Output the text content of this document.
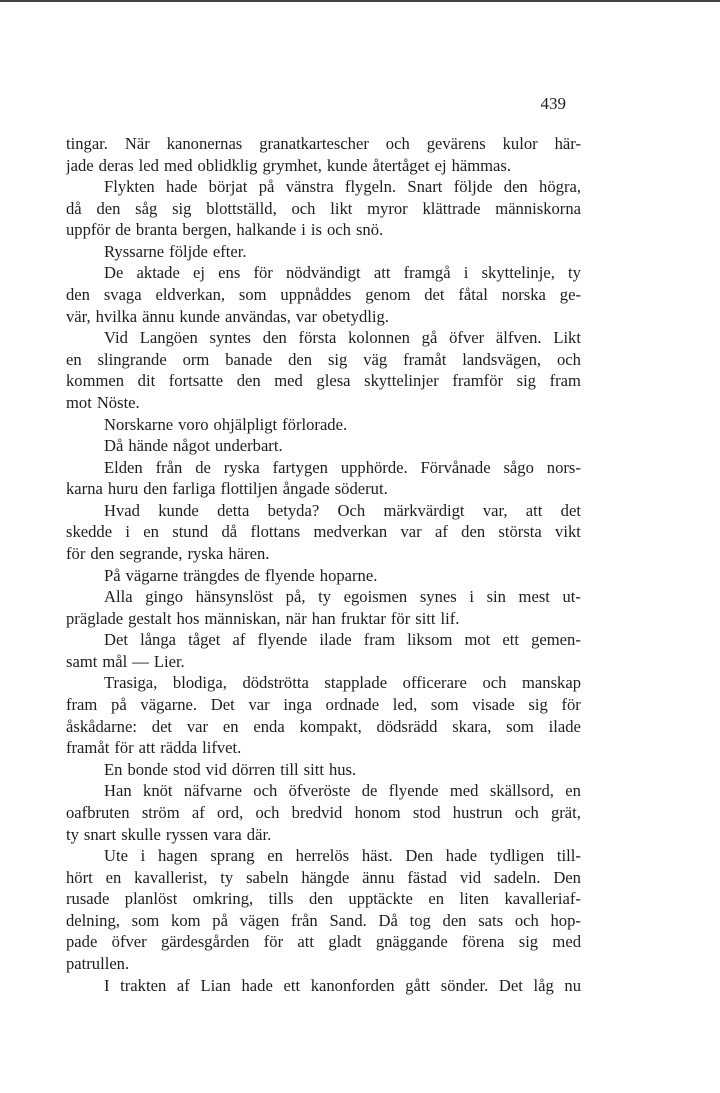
439
tingar. När kanonernas granatkartescher och gevärens kulor här-
jade deras led med oblidklig grymhet, kunde återtåget ej hämmas.
Flykten hade börjat på vänstra flygeln. Snart följde den högra,
då den såg sig blottställd, och likt myror klättrade människorna
uppför de branta bergen, halkande i is och snö.
Ryssarne följde efter.
De aktade ej ens för nödvändigt att framgå i skyttelinje, ty
den svaga eldverkan, som uppnåddes genom det fåtal norska ge-
vär, hvilka ännu kunde användas, var obetydlig.
Vid Langöen syntes den första kolonnen gå öfver älfven. Likt
en slingrande orm banade den sig väg framåt landsvägen, och
kommen dit fortsatte den med glesa skyttelinjer framför sig fram
mot Nöste.
Norskarne voro ohjälpligt förlorade.
Då hände något underbart.
Elden från de ryska fartygen upphörde. Förvånade sågo nors-
karna huru den farliga flottiljen ångade söderut.
Hvad kunde detta betyda? Och märkvärdigt var, att det
skedde i en stund då flottans medverkan var af den största vikt
för den segrande, ryska hären.
På vägarne trängdes de flyende hoparne.
Alla gingo hänsynslöst på, ty egoismen synes i sin mest ut-
präglade gestalt hos människan, när han fruktar för sitt lif.
Det långa tåget af flyende ilade fram liksom mot ett gemen-
samt mål — Lier.
Trasiga, blodiga, dödströtta stapplade officerare och manskap
fram på vägarne. Det var inga ordnade led, som visade sig för
åskådarne: det var en enda kompakt, dödsrädd skara, som ilade
framåt för att rädda lifvet.
En bonde stod vid dörren till sitt hus.
Han knöt näfvarne och öfveröste de flyende med skällsord, en
oafbruten ström af ord, och bredvid honom stod hustrun och grät,
ty snart skulle ryssen vara där.
Ute i hagen sprang en herrelös häst. Den hade tydligen till-
hört en kavallerist, ty sabeln hängde ännu fästad vid sadeln. Den
rusade planlöst omkring, tills den upptäckte en liten kavalleriaf-
delning, som kom på vägen från Sand. Då tog den sats och hop-
pade öfver gärdesgården för att gladt gnäggande förena sig med
patrullen.
I trakten af Lian hade ett kanonforden gått sönder. Det låg nu
